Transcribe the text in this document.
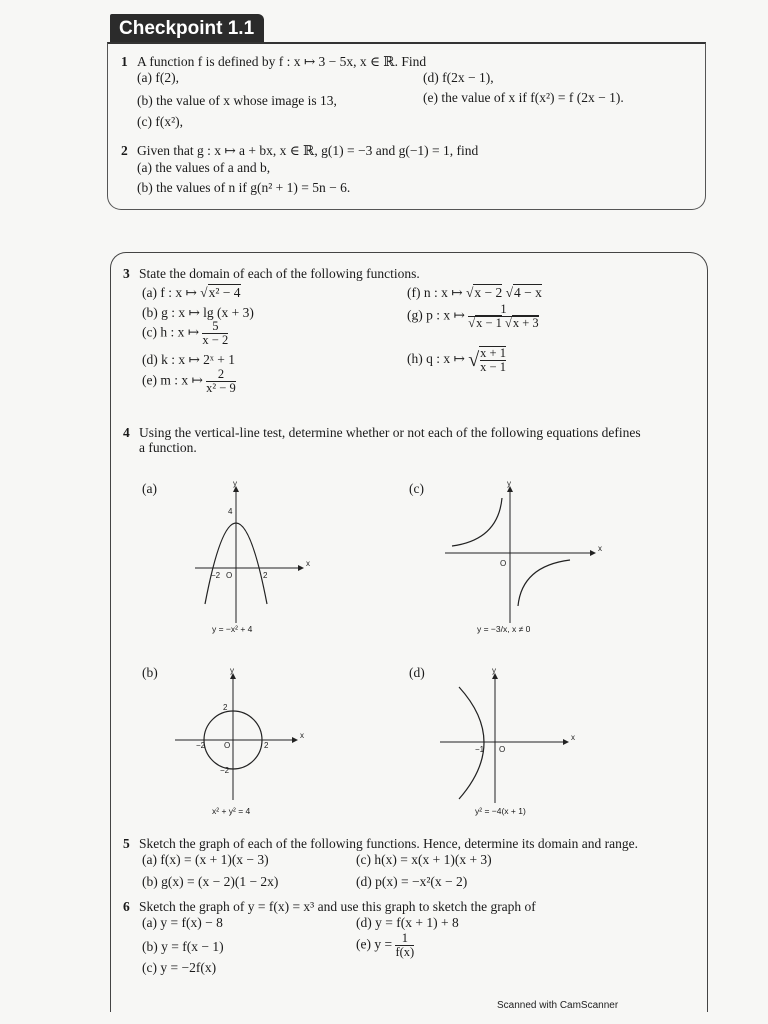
Checkpoint 1.1
1 A function f is defined by f : x ↦ 3 − 5x, x ∈ ℝ. Find
(a) f(2),
(b) the value of x whose image is 13,
(c) f(x²),
(d) f(2x − 1),
(e) the value of x if f(x²) = f (2x − 1).
2 Given that g : x ↦ a + bx, x ∈ ℝ, g(1) = −3 and g(−1) = 1, find
(a) the values of a and b,
(b) the values of n if g(n² + 1) = 5n − 6.
3 State the domain of each of the following functions.
(a) f : x ↦ √x² − 4
(b) g : x ↦ lg (x + 3)
(c) h : x ↦ $\frac{5}{x - 2}$
(d) k : x ↦ 2ˣ + 1
(e) m : x ↦ $\frac{2}{\text{x² − 9}}$
(f) n : x ↦ √x − 2 √4 − x
(g) p : x ↦ $\frac{1}{√x - 1 √x + 3}$
(h) q : x ↦ √ $\frac{x + 1}{x - 1}$
4 Using the vertical-line test, determine whether or not each of the following equations defines
a function.
(a)	(c)
(b)	(d)
y
x
O
−2	2
4
y = −x² + 4
y
x
O
y = −3/x, x ≠ 0
y
x
O
−2	2
2
−2
x² + y² = 4
y
x
O
−1
y² = −4(x + 1)
5 Sketch the graph of each of the following functions. Hence, determine its domain and range.
(a) f(x) = (x + 1)(x − 3)
(b) g(x) = (x − 2)(1 − 2x)
(c) h(x) = x(x + 1)(x + 3)
(d) p(x) = −x²(x − 2)
6 Sketch the graph of y = f(x) = x³ and use this graph to sketch the graph of
(a) y = f(x) − 8
(b) y = f(x − 1)
(c) y = −2f(x)
(d) y = f(x + 1) + 8
(e) $y = \frac{1}{f(x)}$
Scanned with CamScanner
